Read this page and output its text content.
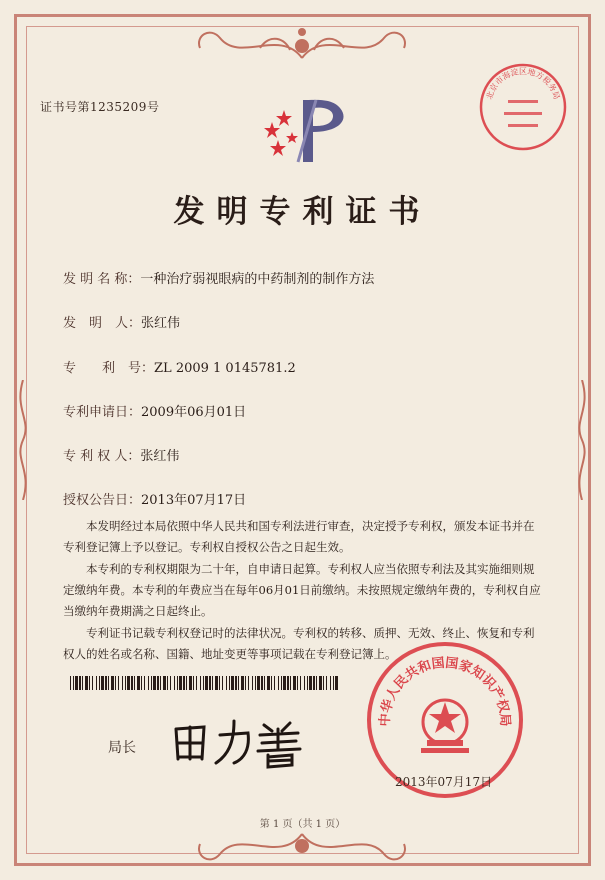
证书号第1235209号
发明专利证书
发 明 名 称：一种治疗弱视眼病的中药制剂的制作方法
发　明　人：张红伟
专　　利　号：ZL 2009 1 0145781.2
专利申请日：2009年06月01日
专 利 权 人：张红伟
授权公告日：2013年07月17日

本发明经过本局依照中华人民共和国专利法进行审查，决定授予专利权，颁发本证书并在专利登记簿上予以登记。专利权自授权公告之日起生效。

本专利的专利权期限为二十年，自申请日起算。专利权人应当依照专利法及其实施细则规定缴纳年费。本专利的年费应当在每年06月01日前缴纳。未按照规定缴纳年费的，专利权自应当缴纳年费期满之日起终止。

专利证书记载专利权登记时的法律状况。专利权的转移、质押、无效、终止、恢复和专利权人的姓名或名称、国籍、地址变更等事项记载在专利登记簿上。

局长
中华人民共和国国家知识产权局
2013年07月17日
北京市海淀区地方税务局
第 1 页（共 1 页）
